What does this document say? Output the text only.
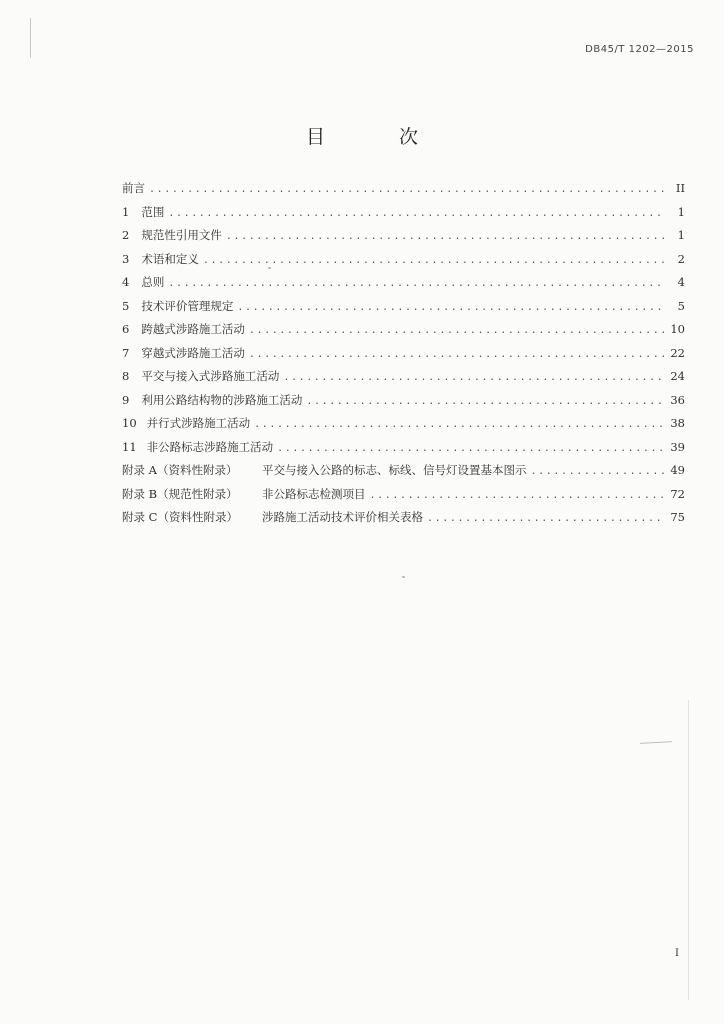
DB45/T 1202—2015
目 次
前言 .....	II
1 范围 .....	1
2 规范性引用文件 .....	1
3 术语和定义 .....	2
4 总则 .....	4
5 技术评价管理规定 .....	5
6 跨越式涉路施工活动 .....	10
7 穿越式涉路施工活动 .....	22
8 平交与接入式涉路施工活动 .....	24
9 利用公路结构物的涉路施工活动 .....	36
10 并行式涉路施工活动 .....	38
11 非公路标志涉路施工活动 .....	39
附录 A（资料性附录）	平交与接入公路的标志、标线、信号灯设置基本图示 .....	49
附录 B（规范性附录）	非公路标志检测项目 .....	72
附录 C（资料性附录）	涉路施工活动技术评价相关表格 .....	75
I
